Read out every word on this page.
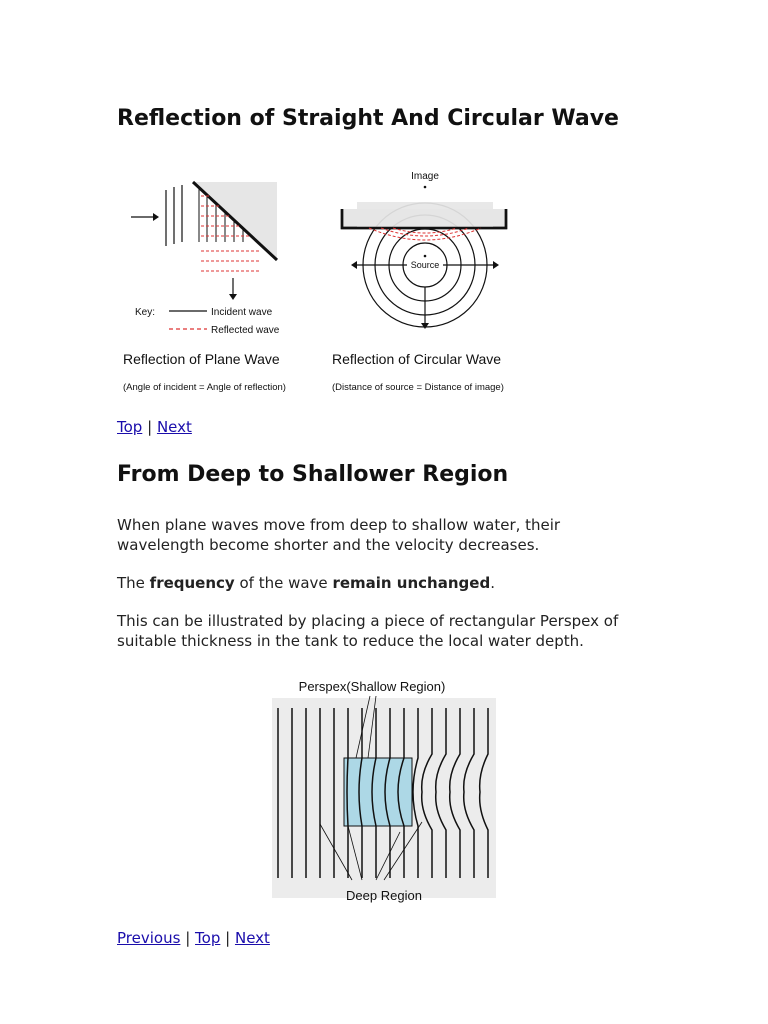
Reflection of Straight And Circular Wave
Key:	Incident wave
Reflected wave
Reflection of Plane Wave
(Angle of incident = Angle of reflection)
Image
Source
Reflection of Circular Wave
(Distance of source = Distance of image)
Top | Next
From Deep to Shallower Region

When plane waves move from deep to shallow water, their wavelength become shorter and the velocity decreases.

The frequency of the wave remain unchanged.

This can be illustrated by placing a piece of rectangular Perspex of suitable thickness in the tank to reduce the local water depth.

Perspex(Shallow Region)
Deep Region
Previous | Top | Next
